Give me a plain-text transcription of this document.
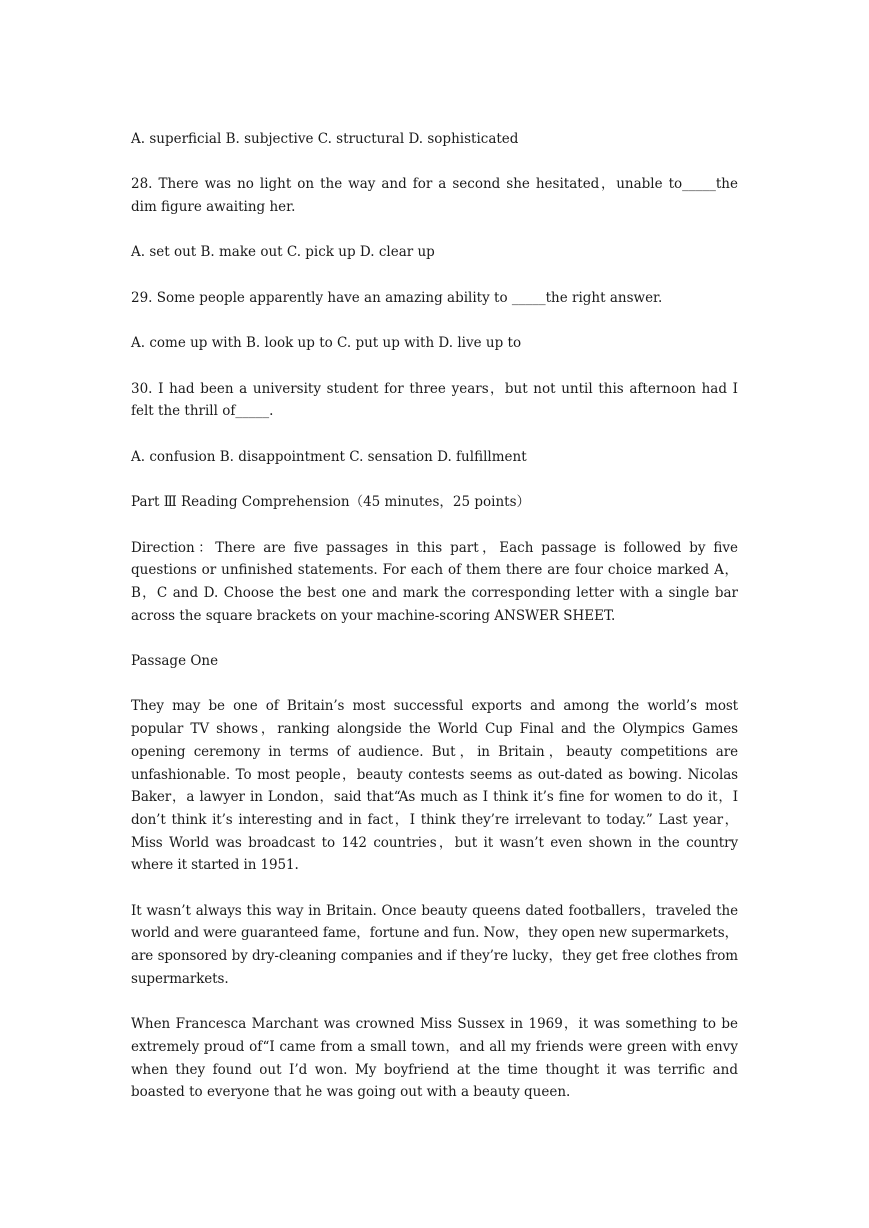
A. superficial B. subjective C. structural D. sophisticated

28. There was no light on the way and for a second she hesitated，unable to_____the dim figure awaiting her.

A. set out B. make out C. pick up D. clear up

29. Some people apparently have an amazing ability to _____the right answer.

A. come up with B. look up to C. put up with D. live up to

30. I had been a university student for three years，but not until this afternoon had I felt the thrill of_____.

A. confusion B. disappointment C. sensation D. fulfillment

Part Ⅲ Reading Comprehension（45 minutes，25 points）

Direction：There are five passages in this part，Each passage is followed by five questions or unfinished statements. For each of them there are four choice marked A，B，C and D. Choose the best one and mark the corresponding letter with a single bar across the square brackets on your machine-scoring ANSWER SHEET.

Passage One

They may be one of Britain’s most successful exports and among the world’s most popular TV shows，ranking alongside the World Cup Final and the Olympics Games opening ceremony in terms of audience. But，in Britain，beauty competitions are unfashionable. To most people，beauty contests seems as out-dated as bowing. Nicolas Baker，a lawyer in London，said that“As much as I think it’s fine for women to do it，I don’t think it’s interesting and in fact，I think they’re irrelevant to today.” Last year，Miss World was broadcast to 142 countries，but it wasn’t even shown in the country where it started in 1951.

It wasn’t always this way in Britain. Once beauty queens dated footballers，traveled the world and were guaranteed fame，fortune and fun. Now，they open new supermarkets，are sponsored by dry-cleaning companies and if they’re lucky，they get free clothes from supermarkets.

When Francesca Marchant was crowned Miss Sussex in 1969，it was something to be extremely proud of“I came from a small town，and all my friends were green with envy when they found out I’d won. My boyfriend at the time thought it was terrific and boasted to everyone that he was going out with a beauty queen.
